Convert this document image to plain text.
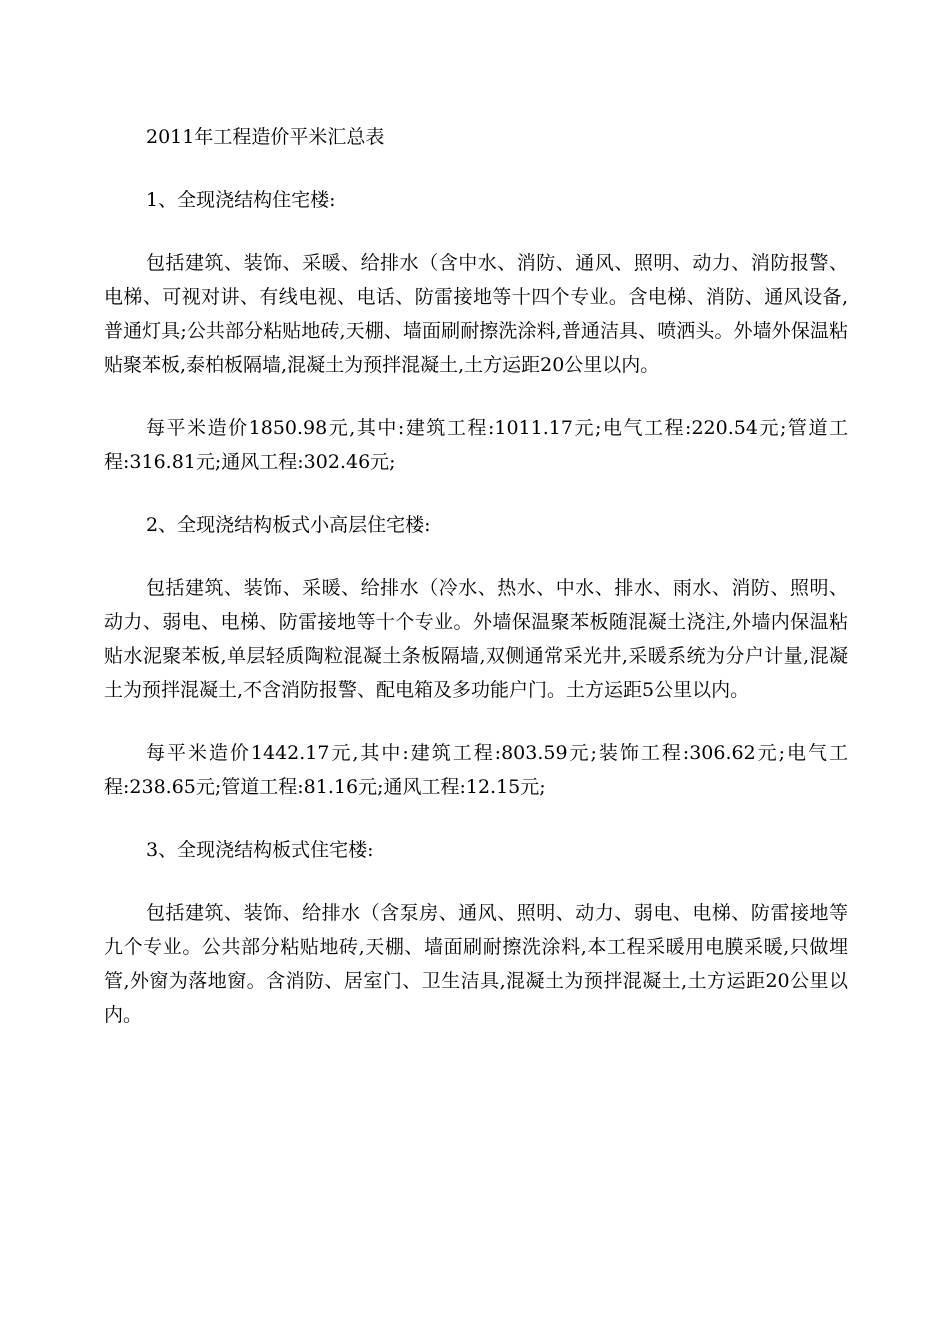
2011年工程造价平米汇总表

1、全现浇结构住宅楼:

包括建筑、装饰、采暖、给排水（含中水、消防、通风、照明、动力、消防报警、电梯、可视对讲、有线电视、电话、防雷接地等十四个专业。含电梯、消防、通风设备,普通灯具;公共部分粘贴地砖,天棚、墙面刷耐擦洗涂料,普通洁具、喷洒头。外墙外保温粘贴聚苯板,泰柏板隔墙,混凝土为预拌混凝土,土方运距20公里以内。

每平米造价1850.98元,其中:建筑工程:1011.17元;电气工程:220.54元;管道工程:316.81元;通风工程:302.46元;

2、全现浇结构板式小高层住宅楼:

包括建筑、装饰、采暖、给排水（冷水、热水、中水、排水、雨水、消防、照明、动力、弱电、电梯、防雷接地等十个专业。外墙保温聚苯板随混凝土浇注,外墙内保温粘贴水泥聚苯板,单层轻质陶粒混凝土条板隔墙,双侧通常采光井,采暖系统为分户计量,混凝土为预拌混凝土,不含消防报警、配电箱及多功能户门。土方运距5公里以内。

每平米造价1442.17元,其中:建筑工程:803.59元;装饰工程:306.62元;电气工程:238.65元;管道工程:81.16元;通风工程:12.15元;

3、全现浇结构板式住宅楼:

包括建筑、装饰、给排水（含泵房、通风、照明、动力、弱电、电梯、防雷接地等九个专业。公共部分粘贴地砖,天棚、墙面刷耐擦洗涂料,本工程采暖用电膜采暖,只做埋管,外窗为落地窗。含消防、居室门、卫生洁具,混凝土为预拌混凝土,土方运距20公里以内。
